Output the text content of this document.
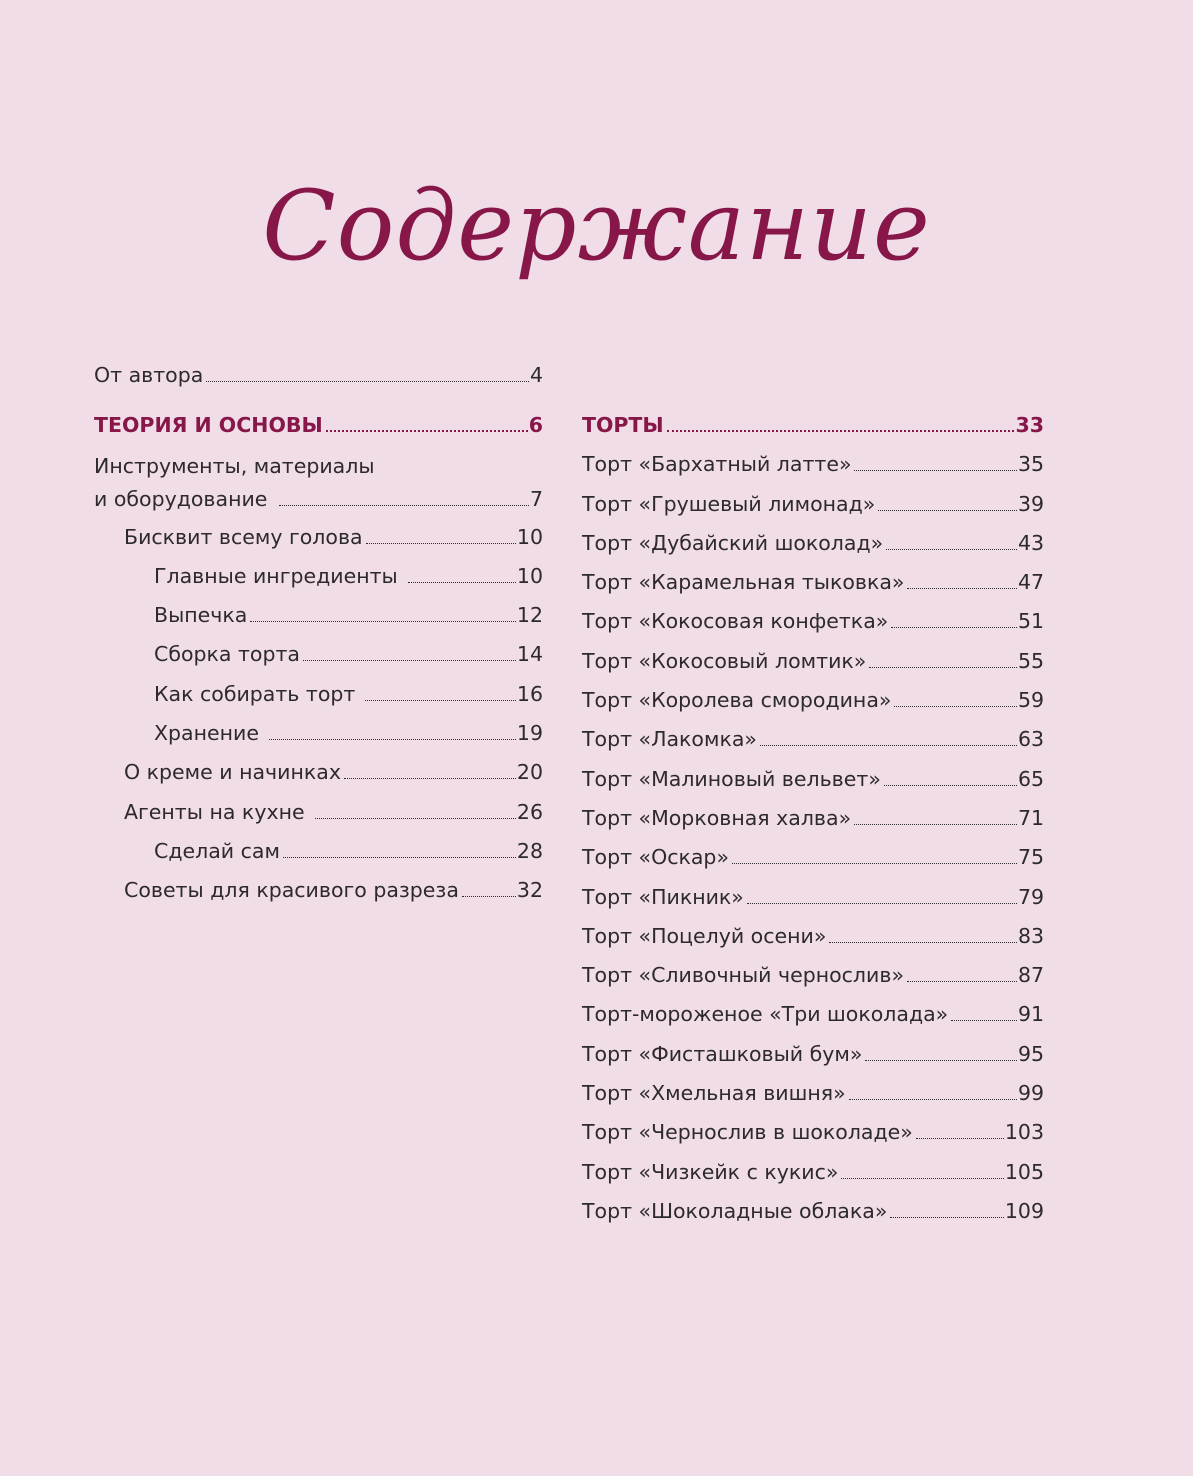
Содержание
От автора	4
ТЕОРИЯ И ОСНОВЫ	6
Инструменты, материалы
и оборудование	7
Бисквит всему голова	10
Главные ингредиенты	10
Выпечка	12
Сборка торта	14
Как собирать торт	16
Хранение	19
О креме и начинках	20
Агенты на кухне	26
Сделай сам	28
Советы для красивого разреза	32
ТОРТЫ	33
Торт «Бархатный латте»	35
Торт «Грушевый лимонад»	39
Торт «Дубайский шоколад»	43
Торт «Карамельная тыковка»	47
Торт «Кокосовая конфетка»	51
Торт «Кокосовый ломтик»	55
Торт «Королева смородина»	59
Торт «Лакомка»	63
Торт «Малиновый вельвет»	65
Торт «Морковная халва»	71
Торт «Оскар»	75
Торт «Пикник»	79
Торт «Поцелуй осени»	83
Торт «Сливочный чернослив»	87
Торт-мороженое «Три шоколада»	91
Торт «Фисташковый бум»	95
Торт «Хмельная вишня»	99
Торт «Чернослив в шоколаде»	103
Торт «Чизкейк с кукис»	105
Торт «Шоколадные облака»	109
